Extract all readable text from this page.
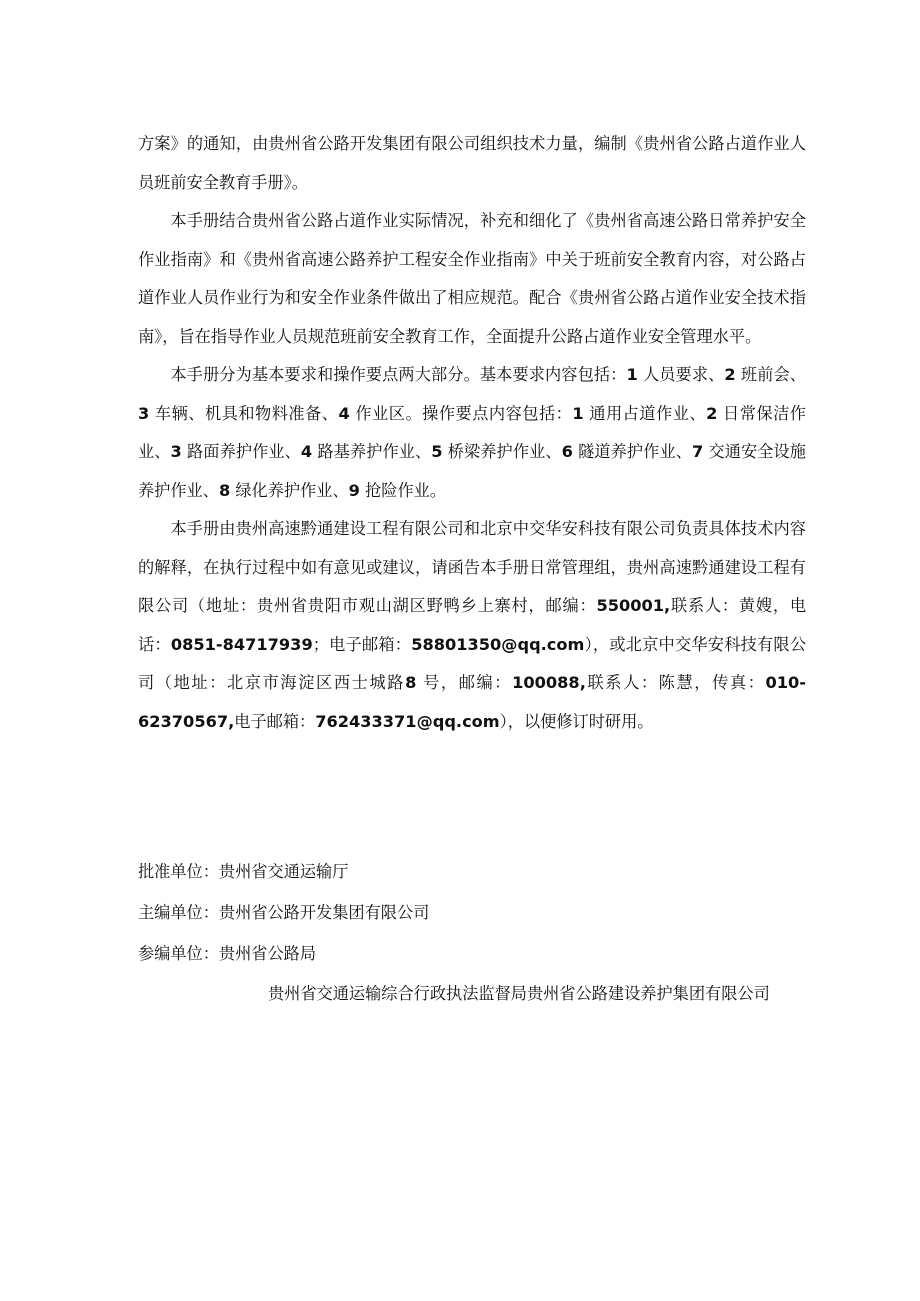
方案》的通知，由贵州省公路开发集团有限公司组织技术力量，编制《贵州省公路占道作业人员班前安全教育手册》。

本手册结合贵州省公路占道作业实际情况，补充和细化了《贵州省高速公路日常养护安全作业指南》和《贵州省高速公路养护工程安全作业指南》中关于班前安全教育内容，对公路占道作业人员作业行为和安全作业条件做出了相应规范。配合《贵州省公路占道作业安全技术指南》，旨在指导作业人员规范班前安全教育工作，全面提升公路占道作业安全管理水平。

本手册分为基本要求和操作要点两大部分。基本要求内容包括：1 人员要求、2 班前会、3 车辆、机具和物料准备、4 作业区。操作要点内容包括：1 通用占道作业、2 日常保洁作业、3 路面养护作业、4 路基养护作业、5 桥梁养护作业、6 隧道养护作业、7 交通安全设施养护作业、8 绿化养护作业、9 抢险作业。

本手册由贵州高速黔通建设工程有限公司和北京中交华安科技有限公司负责具体技术内容的解释，在执行过程中如有意见或建议，请函告本手册日常管理组，贵州高速黔通建设工程有限公司（地址：贵州省贵阳市观山湖区野鸭乡上寨村，邮编：550001,联系人：黄嫂，电话：0851-84717939；电子邮箱：58801350@qq.com），或北京中交华安科技有限公司（地址：北京市海淀区西士城路8 号，邮编：100088,联系人：陈慧，传真：010-62370567,电子邮箱：762433371@qq.com），以便修订时研用。

批准单位：贵州省交通运输厅
主编单位：贵州省公路开发集团有限公司
参编单位：贵州省公路局
贵州省交通运输综合行政执法监督局贵州省公路建设养护集团有限公司
